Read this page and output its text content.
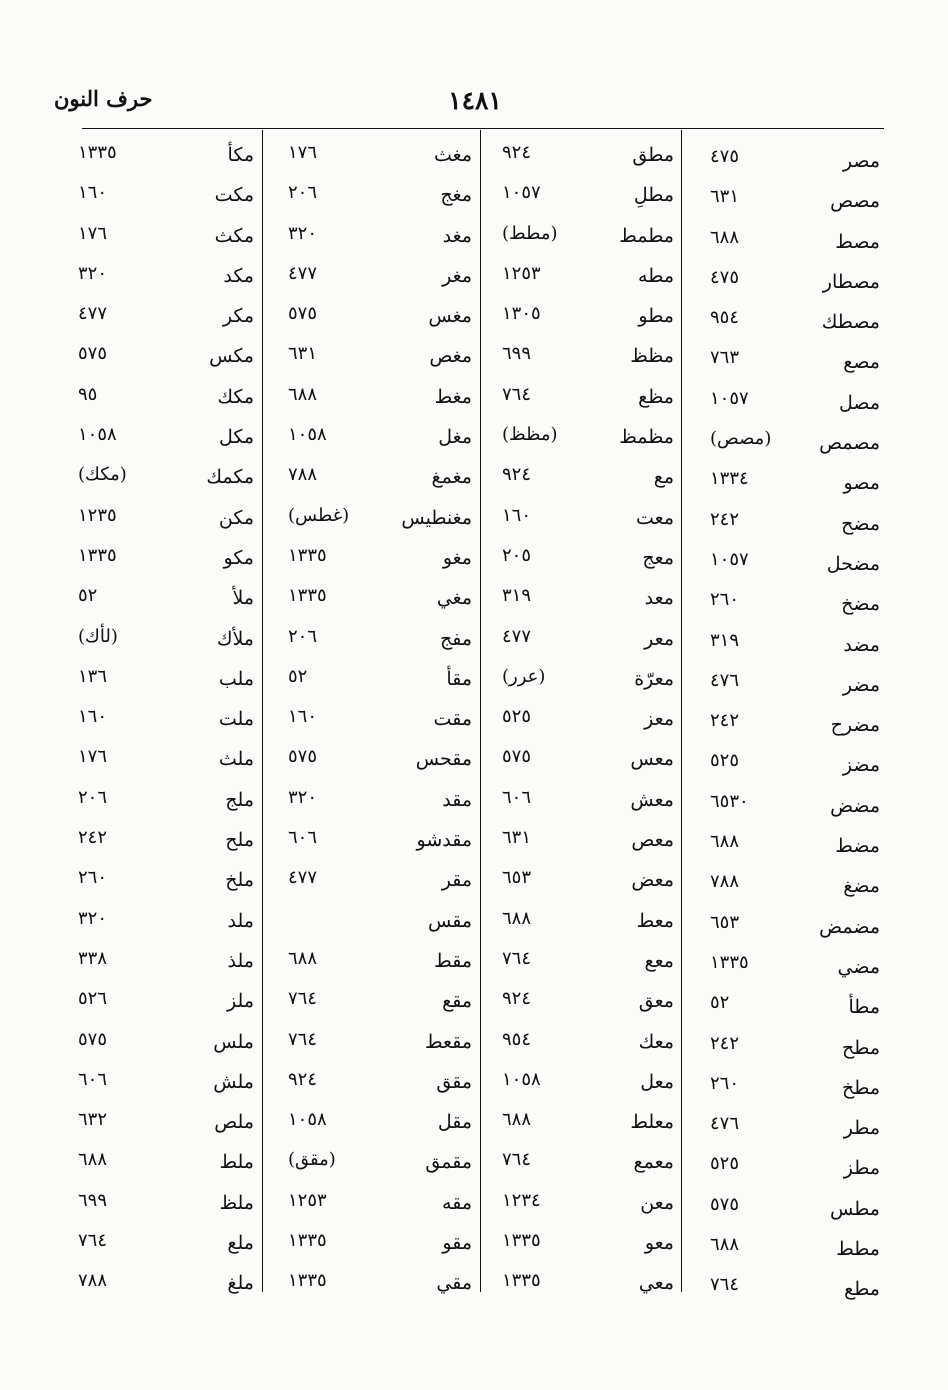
حرف النون	١٤٨١
مصر
٤٧٥
مصص
٦٣١
مصط
٦٨٨
مصطار
٤٧٥
مصطك
٩٥٤
مصع
٧٦٣
مصل
١٠٥٧
مصمص
(مصص)
مصو
١٣٣٤
مضح
٢٤٢
مضحل
١٠٥٧
مضخ
٢٦٠
مضد
٣١٩
مضر
٤٧٦
مضرح
٢٤٢
مضز
٥٢٥
مضض
٦٥٣٠
مضط
٦٨٨
مضغ
٧٨٨
مضمض
٦٥٣
مضي
١٣٣٥
مطأ
٥٢
مطح
٢٤٢
مطخ
٢٦٠
مطر
٤٧٦
مطز
٥٢٥
مطس
٥٧٥
مطط
٦٨٨
مطع
٧٦٤
مطق
٩٢٤
مطلِ
١٠٥٧
مطمط
(مطط)
مطه
١٢٥٣
مطو
١٣٠٥
مظظ
٦٩٩
مظع
٧٦٤
مظمظ
(مظظ)
مع
٩٢٤
معت
١٦٠
معج
٢٠٥
معد
٣١٩
معر
٤٧٧
معرّة
(عرر)
معز
٥٢٥
معس
٥٧٥
معش
٦٠٦
معص
٦٣١
معض
٦٥٣
معط
٦٨٨
معع
٧٦٤
معق
٩٢٤
معك
٩٥٤
معل
١٠٥٨
معلط
٦٨٨
معمع
٧٦٤
معن
١٢٣٤
معو
١٣٣٥
معي
١٣٣٥
مغث
١٧٦
مغج
٢٠٦
مغد
٣٢٠
مغر
٤٧٧
مغس
٥٧٥
مغص
٦٣١
مغط
٦٨٨
مغل
١٠٥٨
مغمغ
٧٨٨
مغنطيس
(غطس)
مغو
١٣٣٥
مغي
١٣٣٥
مفج
٢٠٦
مقأ
٥٢
مقت
١٦٠
مقحس
٥٧٥
مقد
٣٢٠
مقدشو
٦٠٦
مقر
٤٧٧
مقس
مقط
٦٨٨
مقع
٧٦٤
مقعط
٧٦٤
مقق
٩٢٤
مقل
١٠٥٨
مقمق
(مقق)
مقه
١٢٥٣
مقو
١٣٣٥
مقي
١٣٣٥
مكأ
١٣٣٥
مكت
١٦٠
مكث
١٧٦
مكد
٣٢٠
مكر
٤٧٧
مكس
٥٧٥
مكك
٩٥
مكل
١٠٥٨
مكمك
(مكك)
مكن
١٢٣٥
مكو
١٣٣٥
ملأ
٥٢
ملأك
(لأك)
ملب
١٣٦
ملت
١٦٠
ملث
١٧٦
ملج
٢٠٦
ملح
٢٤٢
ملخ
٢٦٠
ملد
٣٢٠
ملذ
٣٣٨
ملز
٥٢٦
ملس
٥٧٥
ملش
٦٠٦
ملص
٦٣٢
ملط
٦٨٨
ملظ
٦٩٩
ملع
٧٦٤
ملغ
٧٨٨
